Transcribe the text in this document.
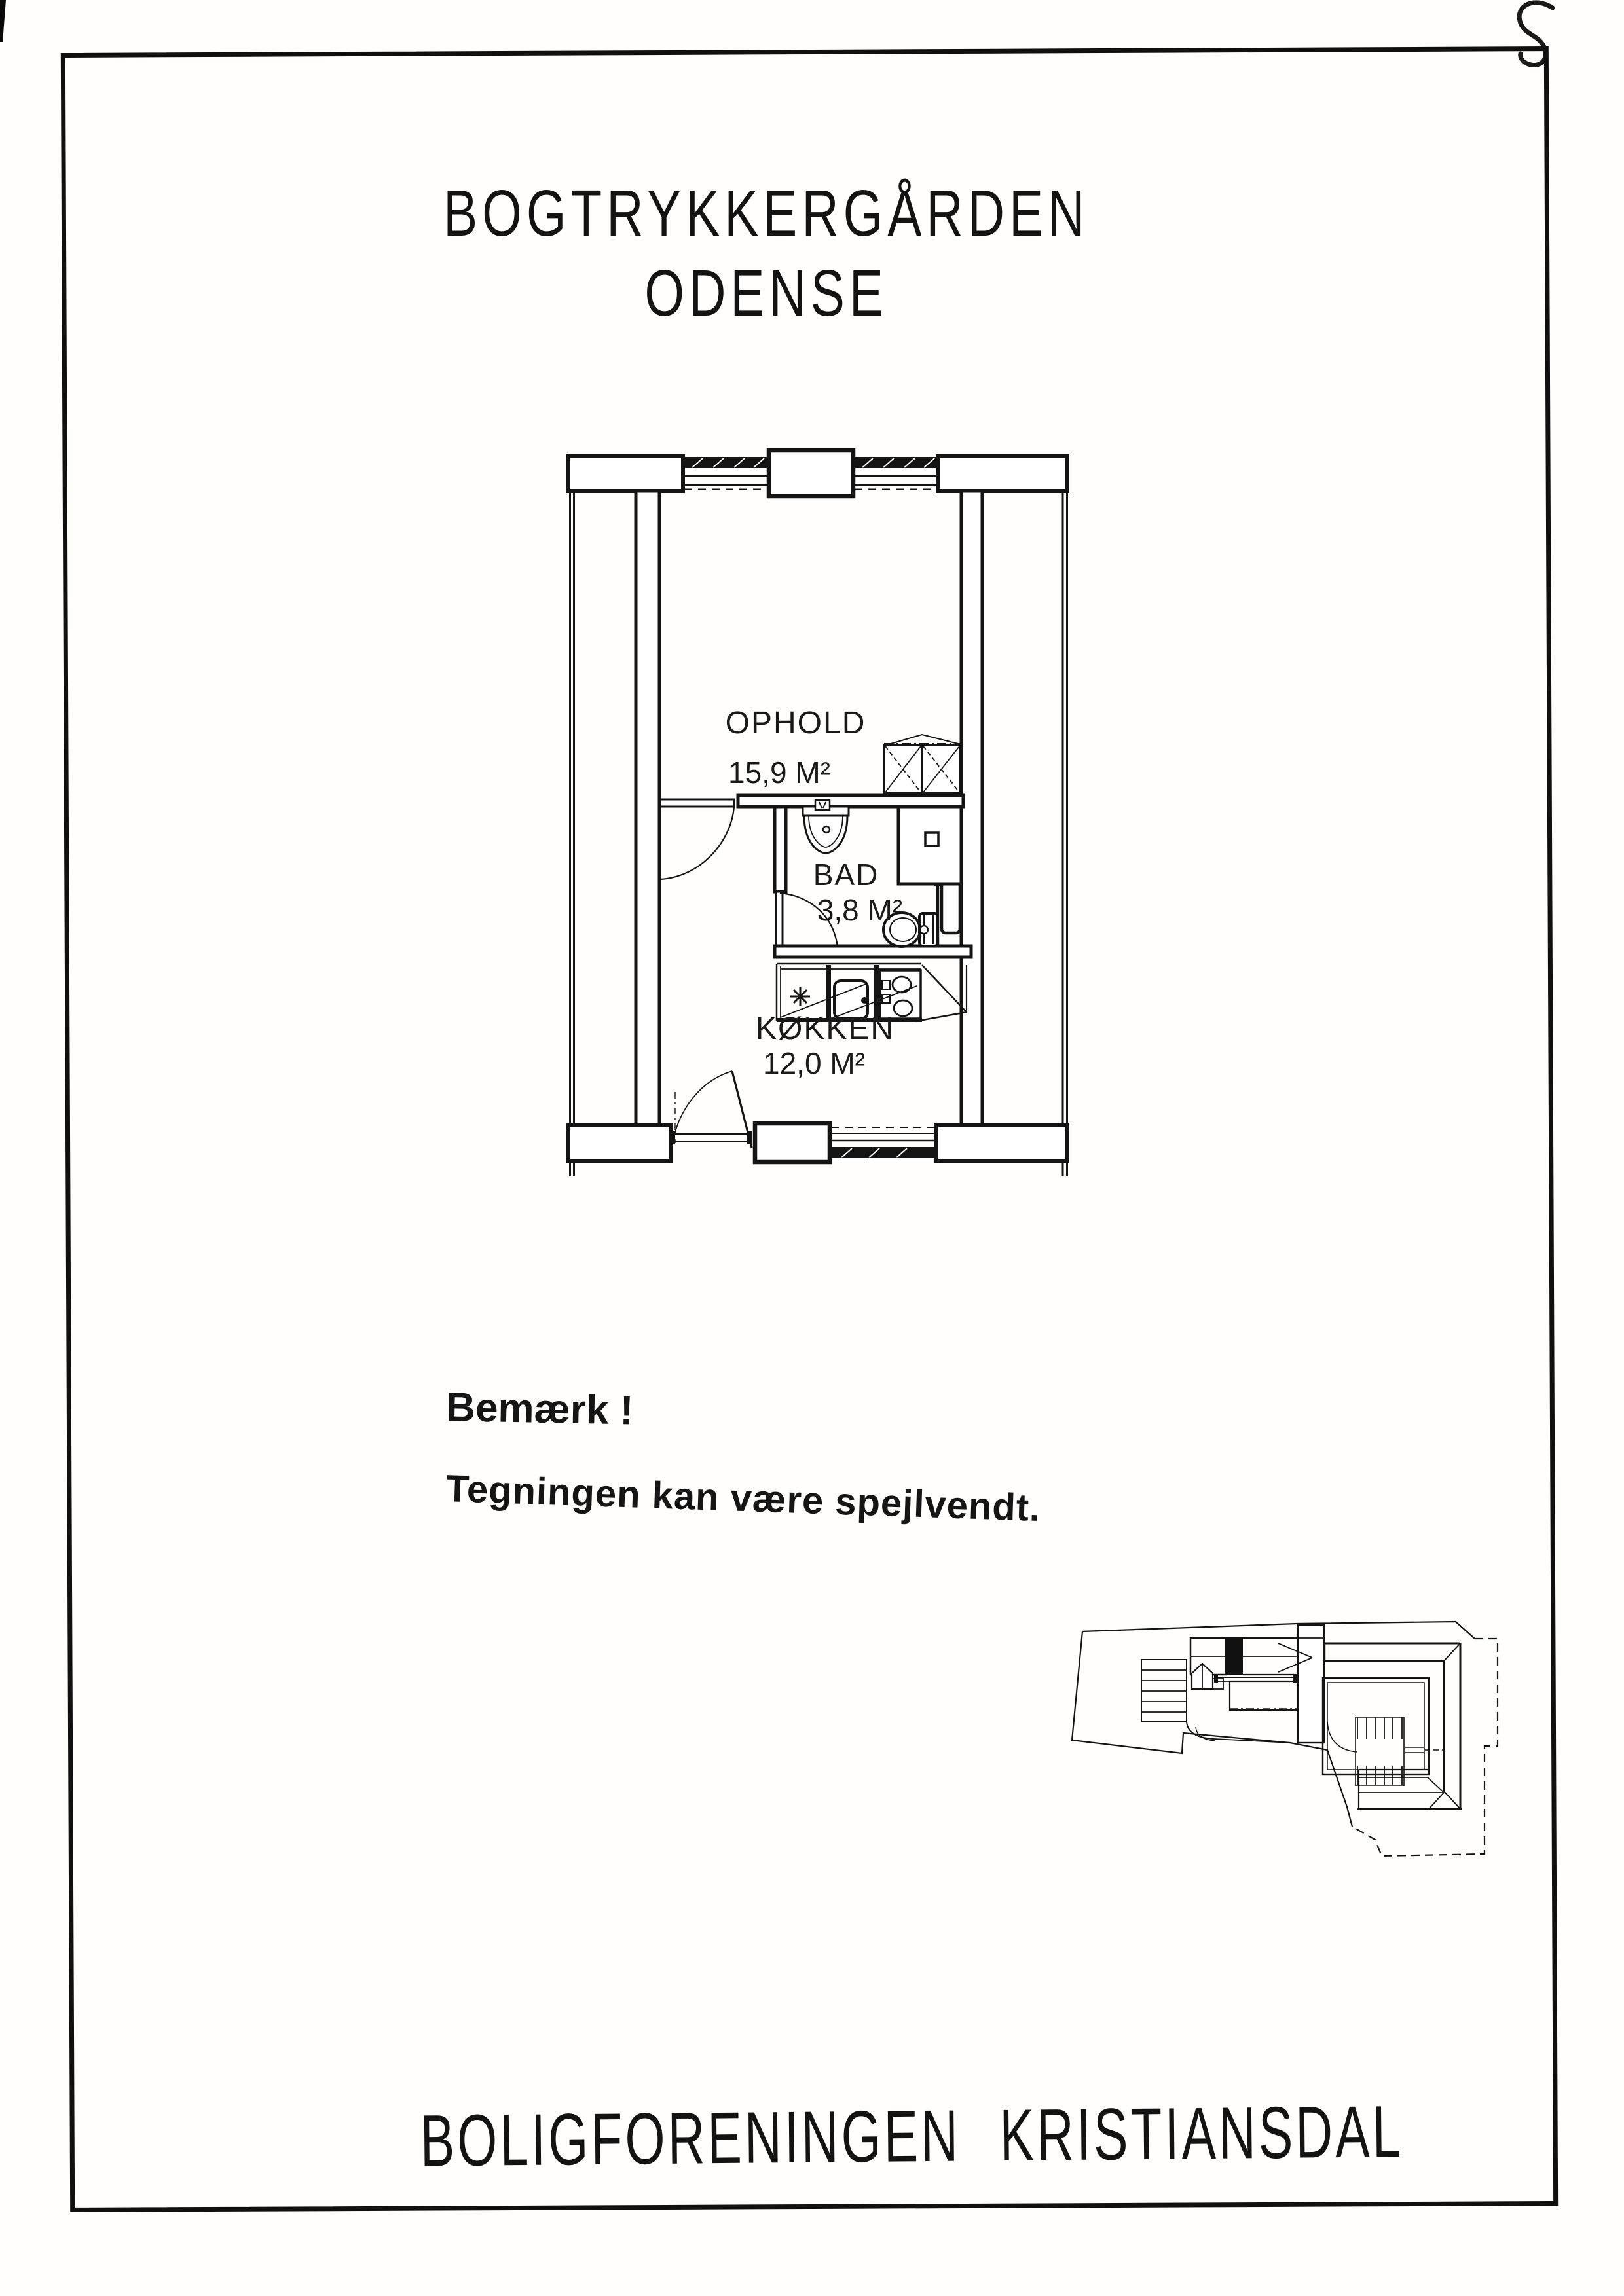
BOGTRYKKERGÅRDEN
ODENSE
OPHOLD
15,9 M²
BAD
3,8 M²
KØKKEN
12,0 M²
Bemærk !
Tegningen kan være spejlvendt.
BOLIGFORENINGEN KRISTIANSDAL
